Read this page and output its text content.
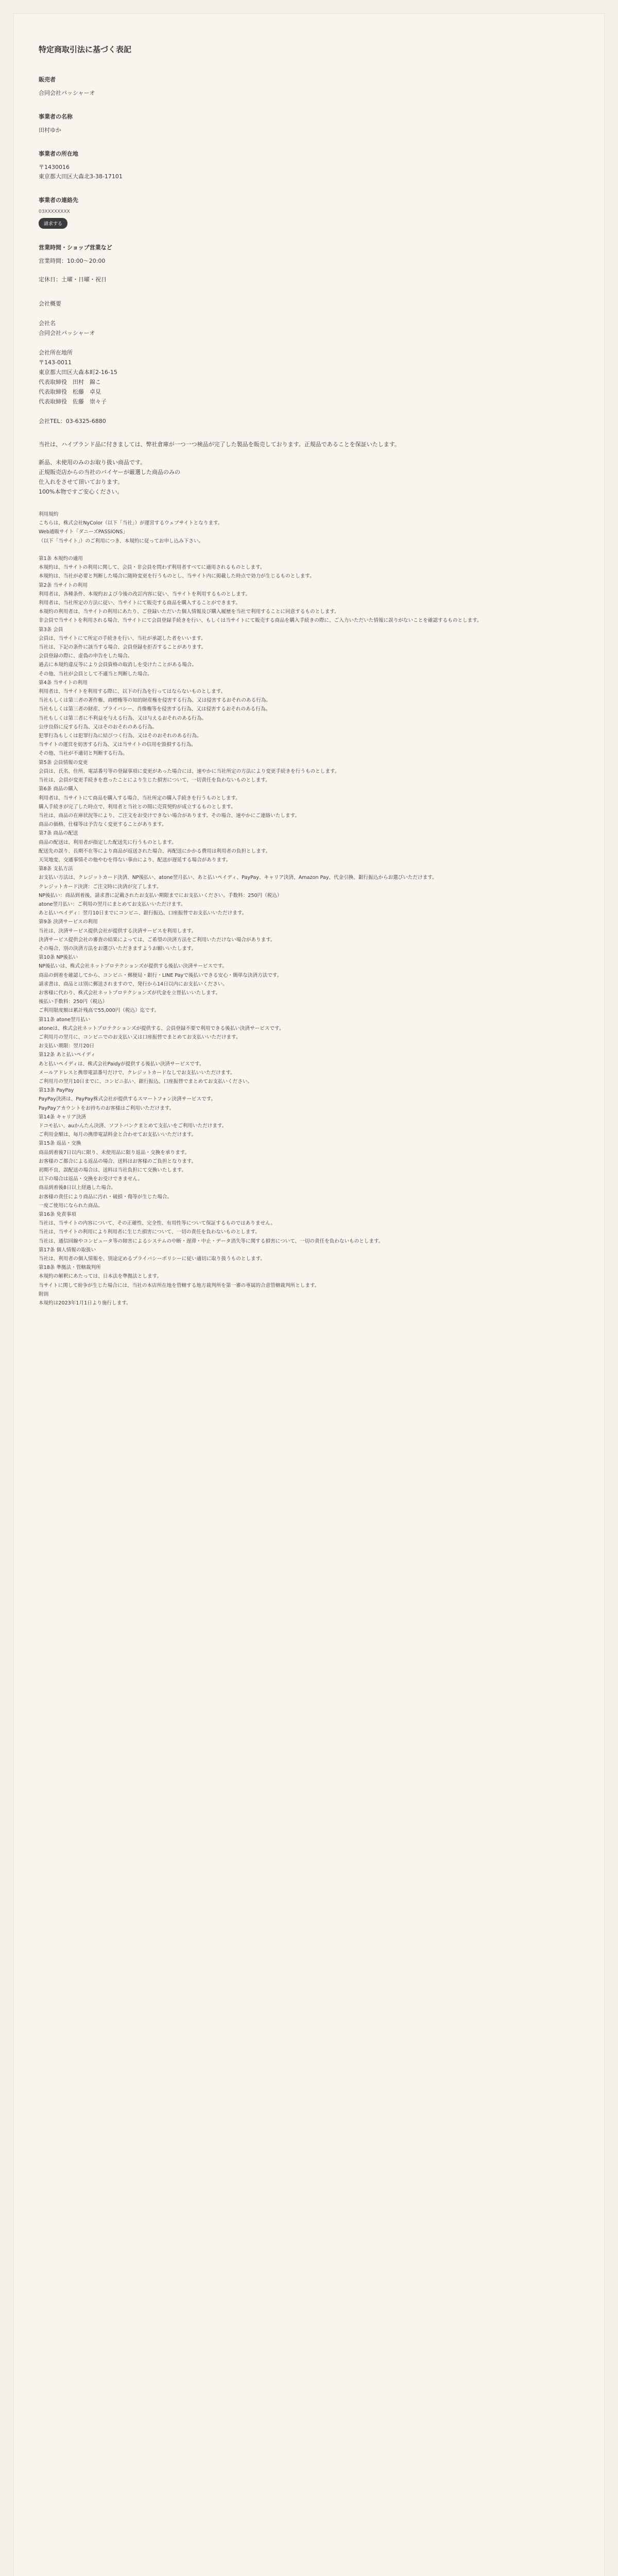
特定商取引法に基づく表記
販売者
合同会社パッシャーオ
事業者の名称
田村ゆか
事業者の所在地
〒1430016
東京都大田区大森北3-38-17101
事業者の連絡先
03XXXXXXXX
請求する
営業時間・ショップ営業など
営業時間：10:00～20:00

定休日：土曜・日曜・祝日
会社概要

会社名
合同会社パッシャーオ

会社所在地所
〒143-0011
東京都大田区大森本町2-16-15
代表取締役　田村　錦こ
代表取締役　松藤　卓見
代表取締役　佐藤　崇々子

会社TEL：03-6325-6880
当社は、ハイブランド品に付きましては、弊社倉庫が一つ一つ検品が完了した製品を販売しております。正規品であることを保証いたします。
新品、未使用のみのお取り扱い商品です。
正規販売店からの当社のバイヤーが厳選した商品のみの
仕入れをさせて頂いております。
100%本物ですご安心ください。
利用規約
こちらは、株式会社NyColor（以下「当社」）が運営するウェブサイトとなります。
Web通販サイト「ダニーズPASSIONS」
（以下「当サイト」）のご利用につき、本規約に従ってお申し込み下さい。

第1条 本規約の適用
本規約は、当サイトの利用に関して、会員・非会員を問わず利用者すべてに適用されるものとします。
本規約は、当社が必要と判断した場合に随時変更を行うものとし、当サイト内に掲載した時点で効力が生じるものとします。
第2条 当サイトの利用
利用者は、各種条件、本規約および今後の改訂内容に従い、当サイトを利用するものとします。
利用者は、当社所定の方法に従い、当サイトにて販売する商品を購入することができます。
本規約の利用者は、当サイトの利用にあたり、ご登録いただいた個人情報及び購入履歴を当社で利用することに同意するものとします。
非会員で当サイトを利用される場合、当サイトにて会員登録手続きを行い、もしくは当サイトにて販売する商品を購入手続きの際に、ご入力いただいた情報に誤りがないことを確認するものとします。
第3条 会員
会員は、当サイトにて所定の手続きを行い、当社が承認した者をいいます。
当社は、下記の条件に該当する場合、会員登録を拒否することがあります。
会員登録の際に、虚偽の申告をした場合。
過去に本規約違反等により会員資格の取消しを受けたことがある場合。
その他、当社が会員として不適当と判断した場合。
第4条 当サイトの利用
利用者は、当サイトを利用する際に、以下の行為を行ってはならないものとします。
当社もしくは第三者の著作権、商標権等の知的財産権を侵害する行為、又は侵害するおそれのある行為。
当社もしくは第三者の財産、プライバシー、肖像権等を侵害する行為、又は侵害するおそれのある行為。
当社もしくは第三者に不利益を与える行為、又は与えるおそれのある行為。
公序良俗に反する行為、又はそのおそれのある行為。
犯罪行為もしくは犯罪行為に結びつく行為、又はそのおそれのある行為。
当サイトの運営を妨害する行為、又は当サイトの信用を毀損する行為。
その他、当社が不適切と判断する行為。
第5条 会員情報の変更
会員は、氏名、住所、電話番号等の登録事項に変更があった場合には、速やかに当社所定の方法により変更手続きを行うものとします。
当社は、会員が変更手続きを怠ったことにより生じた損害について、一切責任を負わないものとします。
第6条 商品の購入
利用者は、当サイトにて商品を購入する場合、当社所定の購入手続きを行うものとします。
購入手続きが完了した時点で、利用者と当社との間に売買契約が成立するものとします。
当社は、商品の在庫状況等により、ご注文をお受けできない場合があります。その場合、速やかにご連絡いたします。
商品の価格、仕様等は予告なく変更することがあります。
第7条 商品の配送
商品の配送は、利用者が指定した配送先に行うものとします。
配送先の誤り、長期不在等により商品が返送された場合、再配送にかかる費用は利用者の負担とします。
天災地変、交通事情その他やむを得ない事由により、配送が遅延する場合があります。
第8条 支払方法
お支払い方法は、クレジットカード決済、NP後払い、atone翌月払い、あと払いペイディ、PayPay、キャリア決済、Amazon Pay、代金引換、銀行振込からお選びいただけます。
クレジットカード決済：ご注文時に決済が完了します。
NP後払い：商品到着後、請求書に記載されたお支払い期限までにお支払いください。手数料：250円（税込）
atone翌月払い：ご利用の翌月にまとめてお支払いいただけます。
あと払いペイディ：翌月10日までにコンビニ、銀行振込、口座振替でお支払いいただけます。
第9条 決済サービスの利用
当社は、決済サービス提供会社が提供する決済サービスを利用します。
決済サービス提供会社の審査の結果によっては、ご希望の決済方法をご利用いただけない場合があります。
その場合、別の決済方法をお選びいただきますようお願いいたします。
第10条 NP後払い
NP後払いは、株式会社ネットプロテクションズが提供する後払い決済サービスです。
商品の到着を確認してから、コンビニ・郵便局・銀行・LINE Payで後払いできる安心・簡単な決済方法です。
請求書は、商品とは別に郵送されますので、発行から14日以内にお支払いください。
お客様に代わり、株式会社ネットプロテクションズが代金を立替払いいたします。
後払い手数料：250円（税込）
ご利用限度額は累計残高で55,000円（税込）迄です。
第11条 atone翌月払い
atoneは、株式会社ネットプロテクションズが提供する、会員登録不要で利用できる後払い決済サービスです。
ご利用月の翌月に、コンビニでのお支払い又は口座振替でまとめてお支払いいただけます。
お支払い期限：翌月20日
第12条 あと払いペイディ
あと払いペイディは、株式会社Paidyが提供する後払い決済サービスです。
メールアドレスと携帯電話番号だけで、クレジットカードなしでお支払いいただけます。
ご利用月の翌月10日までに、コンビニ払い、銀行振込、口座振替でまとめてお支払いください。
第13条 PayPay
PayPay決済は、PayPay株式会社が提供するスマートフォン決済サービスです。
PayPayアカウントをお持ちのお客様はご利用いただけます。
第14条 キャリア決済
ドコモ払い、auかんたん決済、ソフトバンクまとめて支払いをご利用いただけます。
ご利用金額は、毎月の携帯電話料金と合わせてお支払いいただけます。
第15条 返品・交換
商品到着後7日以内に限り、未使用品に限り返品・交換を承ります。
お客様のご都合による返品の場合、送料はお客様のご負担となります。
初期不良、誤配送の場合は、送料は当社負担にて交換いたします。
以下の場合は返品・交換をお受けできません。
商品到着後8日以上経過した場合。
お客様の責任により商品に汚れ・破損・傷等が生じた場合。
一度ご使用になられた商品。
第16条 免責事項
当社は、当サイトの内容について、その正確性、完全性、有用性等について保証するものではありません。
当社は、当サイトの利用により利用者に生じた損害について、一切の責任を負わないものとします。
当社は、通信回線やコンピュータ等の障害によるシステムの中断・遅滞・中止・データ消失等に関する損害について、一切の責任を負わないものとします。
第17条 個人情報の取扱い
当社は、利用者の個人情報を、別途定めるプライバシーポリシーに従い適切に取り扱うものとします。
第18条 準拠法・管轄裁判所
本規約の解釈にあたっては、日本法を準拠法とします。
当サイトに関して紛争が生じた場合には、当社の本店所在地を管轄する地方裁判所を第一審の専属的合意管轄裁判所とします。
附則
本規約は2023年1月1日より施行します。
